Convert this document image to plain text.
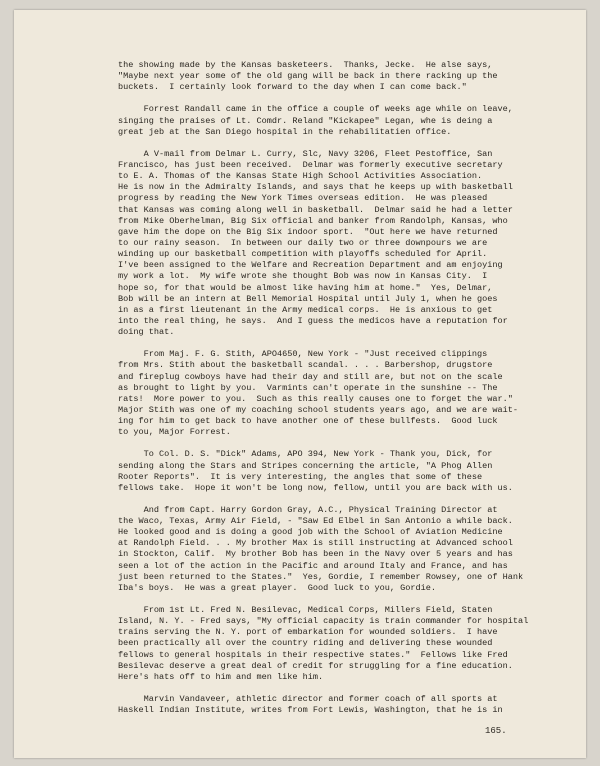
the showing made by the Kansas basketeers.  Thanks, Jecke.  He alse says,
"Maybe next year some of the old gang will be back in there racking up the
buckets.  I certainly look forward to the day when I can come back."
Forrest Randall came in the office a couple of weeks age while on leave,
singing the praises of Lt. Comdr. Reland "Kickapee" Legan, whe is deing a
great jeb at the San Diego hospital in the rehabilitatien office.
A V-mail from Delmar L. Curry, Slc, Navy 3206, Fleet Pestoffice, San
Francisco, has just been received.  Delmar was formerly executive secretary
to E. A. Thomas of the Kansas State High School Activities Association.
He is now in the Admiralty Islands, and says that he keeps up with basketball
progress by reading the New York Times overseas edition.  He was pleased
that Kansas was coming along well in basketball.  Delmar said he had a letter
from Mike Oberhelman, Big Six official and banker from Randolph, Kansas, who
gave him the dope on the Big Six indoor sport.  "Out here we have returned
to our rainy season.  In between our daily two or three downpours we are
winding up our basketball competition with playoffs scheduled for April.
I've been assigned to the Welfare and Recreation Department and am enjoying
my work a lot.  My wife wrote she thought Bob was now in Kansas City.  I
hope so, for that would be almost like having him at home."  Yes, Delmar,
Bob will be an intern at Bell Memorial Hospital until July 1, when he goes
in as a first lieutenant in the Army medical corps.  He is anxious to get
into the real thing, he says.  And I guess the medicos have a reputation for
doing that.
From Maj. F. G. Stith, APO4650, New York - "Just received clippings
from Mrs. Stith about the basketball scandal. . . . Barbershop, drugstore
and fireplug cowboys have had their day and still are, but not on the scale
as brought to light by you.  Varmints can't operate in the sunshine -- The
rats!  More power to you.  Such as this really causes one to forget the war."
Major Stith was one of my coaching school students years ago, and we are wait-
ing for him to get back to have another one of these bullfests.  Good luck
to you, Major Forrest.
To Col. D. S. "Dick" Adams, APO 394, New York - Thank you, Dick, for
sending along the Stars and Stripes concerning the article, "A Phog Allen
Rooter Reports".  It is very interesting, the angles that some of these
fellows take.  Hope it won't be long now, fellow, until you are back with us.
And from Capt. Harry Gordon Gray, A.C., Physical Training Director at
the Waco, Texas, Army Air Field, - "Saw Ed Elbel in San Antonio a while back.
He looked good and is doing a good job with the School of Aviation Medicine
at Randolph Field. . . My brother Max is still instructing at Advanced school
in Stockton, Calif.  My brother Bob has been in the Navy over 5 years and has
seen a lot of the action in the Pacific and around Italy and France, and has
just been returned to the States."  Yes, Gordie, I remember Rowsey, one of Hank
Iba's boys.  He was a great player.  Good luck to you, Gordie.
From 1st Lt. Fred N. Besilevac, Medical Corps, Millers Field, Staten
Island, N. Y. - Fred says, "My official capacity is train commander for hospital
trains serving the N. Y. port of embarkation for wounded soldiers.  I have
been practically all over the country riding and delivering these wounded
fellows to general hospitals in their respective states."  Fellows like Fred
Besilevac deserve a great deal of credit for struggling for a fine education.
Here's hats off to him and men like him.
Marvin Vandaveer, athletic director and former coach of all sports at
Haskell Indian Institute, writes from Fort Lewis, Washington, that he is in
165.
